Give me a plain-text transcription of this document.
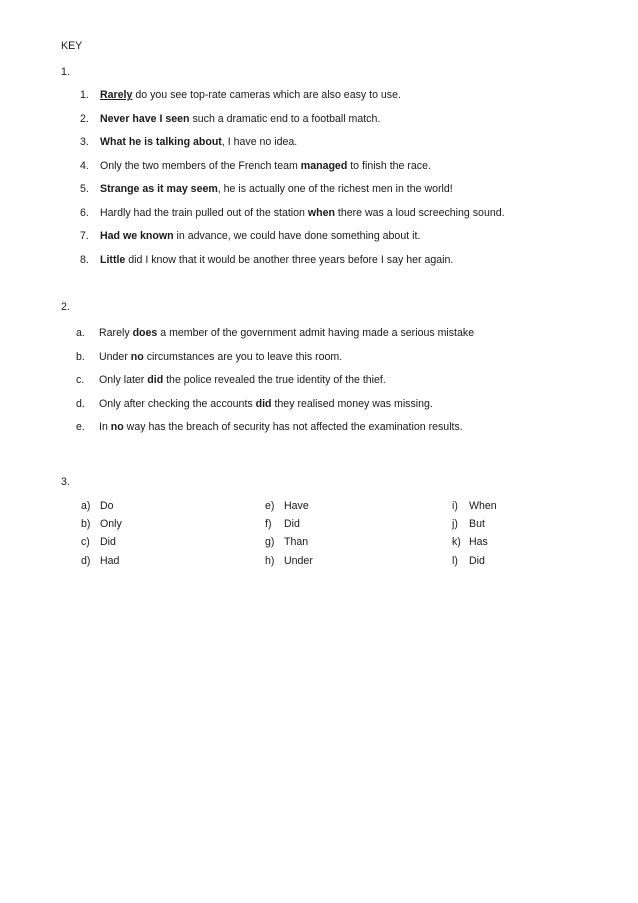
KEY
1.
2.
3.
1. Rarely do you see top-rate cameras which are also easy to use.
2. Never have I seen such a dramatic end to a football match.
3. What he is talking about, I have no idea.
4. Only the two members of the French team managed to finish the race.
5. Strange as it may seem, he is actually one of the richest men in the world!
6. Hardly had the train pulled out of the station when there was a loud screeching sound.
7. Had we known in advance, we could have done something about it.
8. Little did I know that it would be another three years before I say her again.
a. Rarely does a member of the government admit having made a serious mistake
b. Under no circumstances are you to leave this room.
c. Only later did the police revealed the true identity of the thief.
d. Only after checking the accounts did they realised money was missing.
e. In no way has the breach of security has not affected the examination results.
a) Do
b) Only
c) Did
d) Had
e) Have
f) Did
g) Than
h) Under
i) When
j) But
k) Has
l) Did
